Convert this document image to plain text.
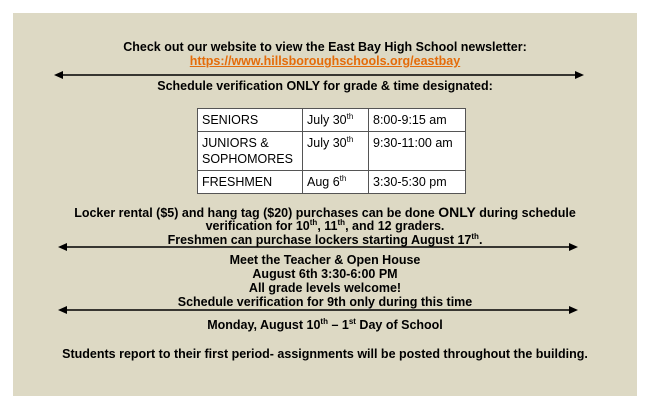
Check out our website to view the East Bay High School newsletter:
https://www.hillsboroughschools.org/eastbay
Schedule verification ONLY for grade & time designated:
SENIORS	July 30th	8:00-9:15 am
JUNIORS & SOPHOMORES	July 30th	9:30-11:00 am
FRESHMEN	Aug 6th	3:30-5:30 pm
Locker rental ($5) and hang tag ($20) purchases can be done ONLY during schedule
verification for 10th, 11th, and 12 graders.
Freshmen can purchase lockers starting August 17th.
Meet the Teacher & Open House
August 6th 3:30-6:00 PM
All grade levels welcome!
Schedule verification for 9th only during this time
Monday, August 10th – 1st Day of School
Students report to their first period- assignments will be posted throughout the building.
